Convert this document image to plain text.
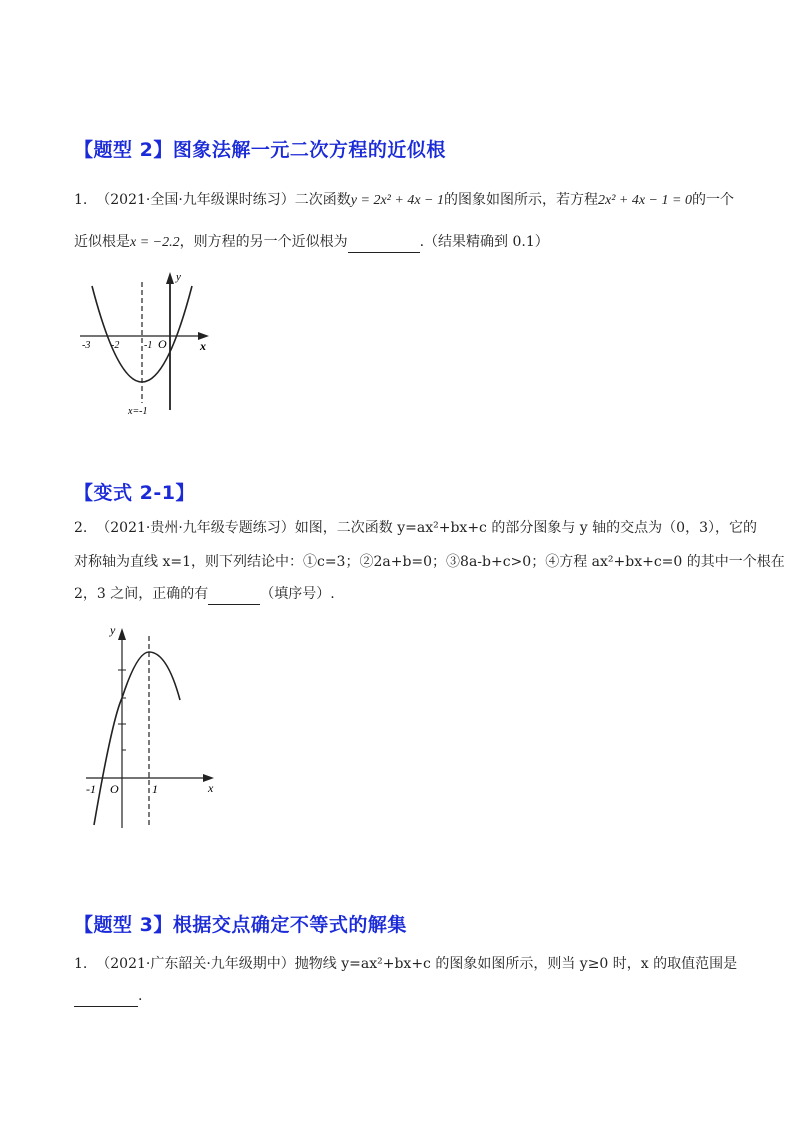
【题型 2】图象法解一元二次方程的近似根
1. （2021·全国·九年级课时练习）二次函数y = 2x² + 4x − 1的图象如图所示，若方程2x² + 4x − 1 = 0的一个
近似根是x = −2.2，则方程的另一个近似根为	.（结果精确到 0.1）
y
x
-3 -2 -1 O
x=-1
【变式 2-1】
2. （2021·贵州·九年级专题练习）如图，二次函数 y=ax²+bx+c 的部分图象与 y 轴的交点为（0，3），它的
对称轴为直线 x=1，则下列结论中：①c=3；②2a+b=0；③8a-b+c>0；④方程 ax²+bx+c=0 的其中一个根在
2，3 之间，正确的有	（填序号）.
y
x
-1 O	1
【题型 3】根据交点确定不等式的解集
1. （2021·广东韶关·九年级期中）抛物线 y=ax²+bx+c 的图象如图所示，则当 y≥0 时，x 的取值范围是
.
